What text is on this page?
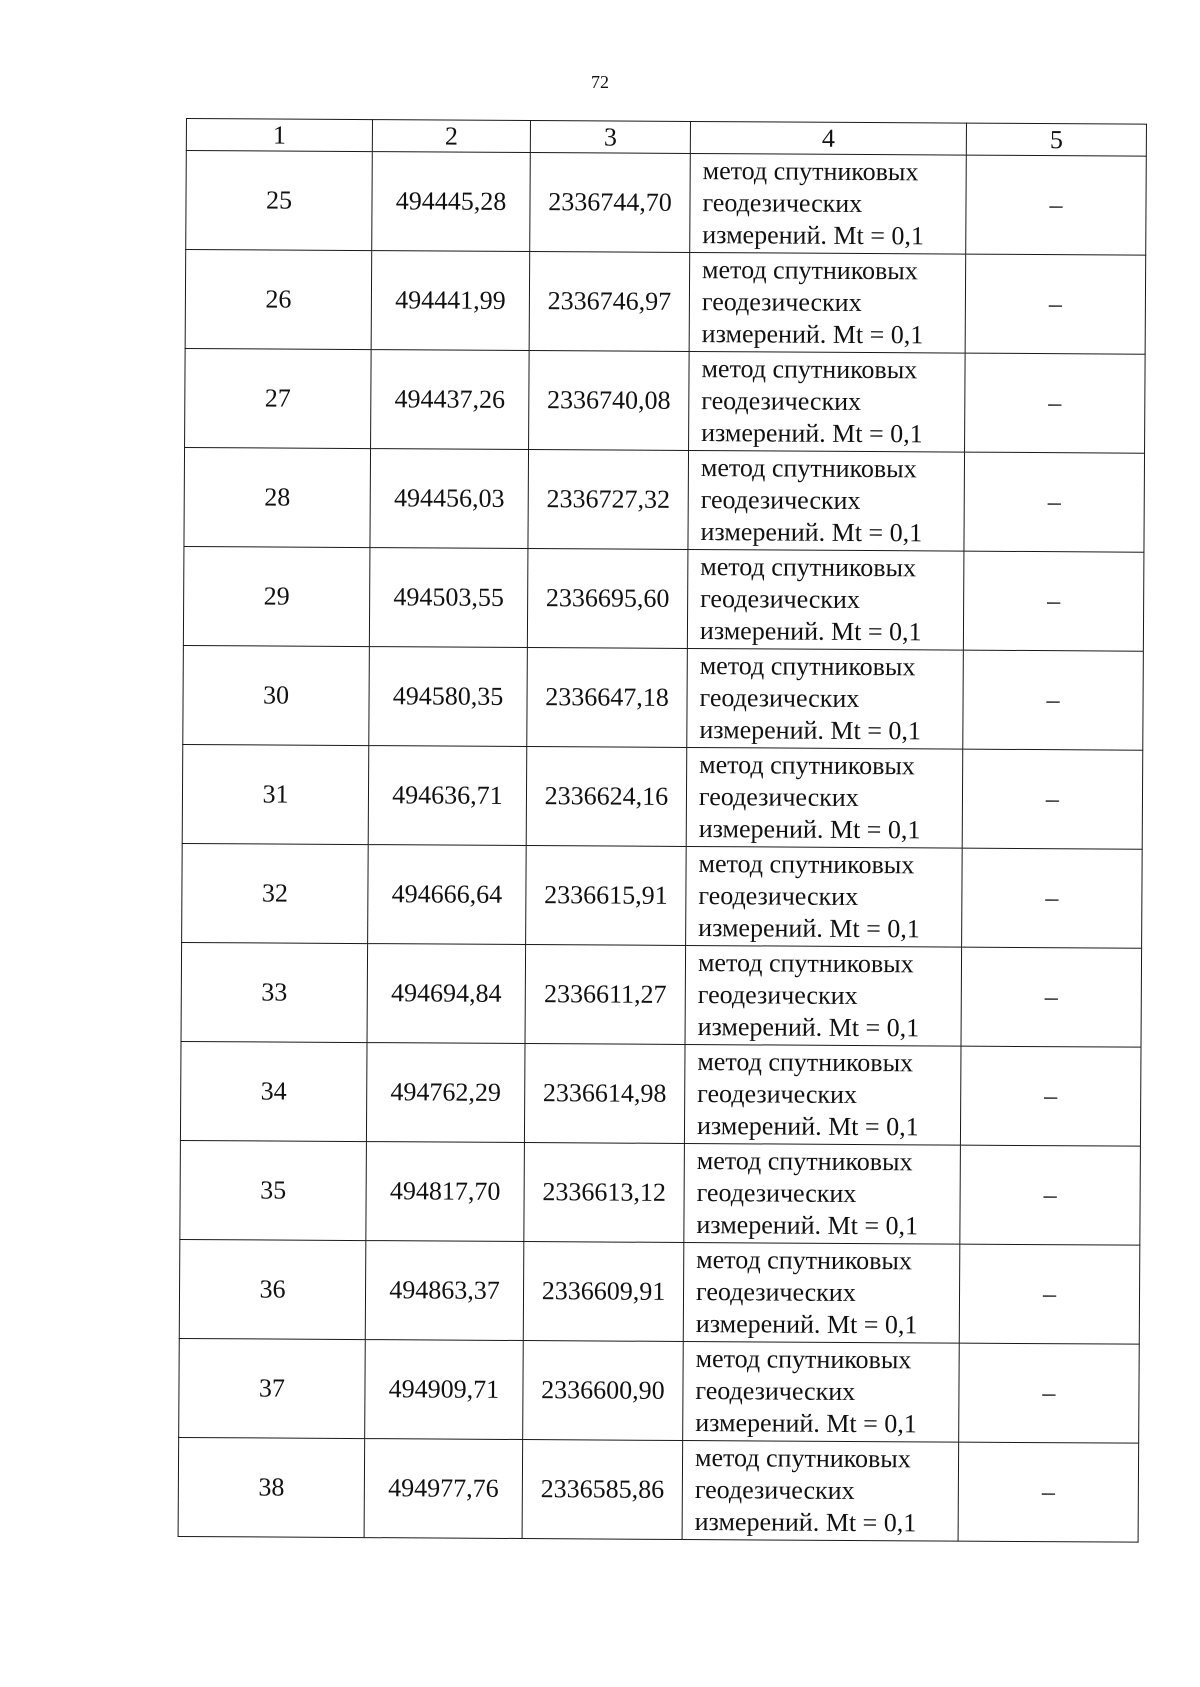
72
1	2	3	4	5
25	494445,28	2336744,70	метод спутниковых
геодезических
измерений. Mt = 0,1	–
26	494441,99	2336746,97	метод спутниковых
геодезических
измерений. Mt = 0,1	–
27	494437,26	2336740,08	метод спутниковых
геодезических
измерений. Mt = 0,1	–
28	494456,03	2336727,32	метод спутниковых
геодезических
измерений. Mt = 0,1	–
29	494503,55	2336695,60	метод спутниковых
геодезических
измерений. Mt = 0,1	–
30	494580,35	2336647,18	метод спутниковых
геодезических
измерений. Mt = 0,1	–
31	494636,71	2336624,16	метод спутниковых
геодезических
измерений. Mt = 0,1	–
32	494666,64	2336615,91	метод спутниковых
геодезических
измерений. Mt = 0,1	–
33	494694,84	2336611,27	метод спутниковых
геодезических
измерений. Mt = 0,1	–
34	494762,29	2336614,98	метод спутниковых
геодезических
измерений. Mt = 0,1	–
35	494817,70	2336613,12	метод спутниковых
геодезических
измерений. Mt = 0,1	–
36	494863,37	2336609,91	метод спутниковых
геодезических
измерений. Mt = 0,1	–
37	494909,71	2336600,90	метод спутниковых
геодезических
измерений. Mt = 0,1	–
38	494977,76	2336585,86	метод спутниковых
геодезических
измерений. Mt = 0,1	–
